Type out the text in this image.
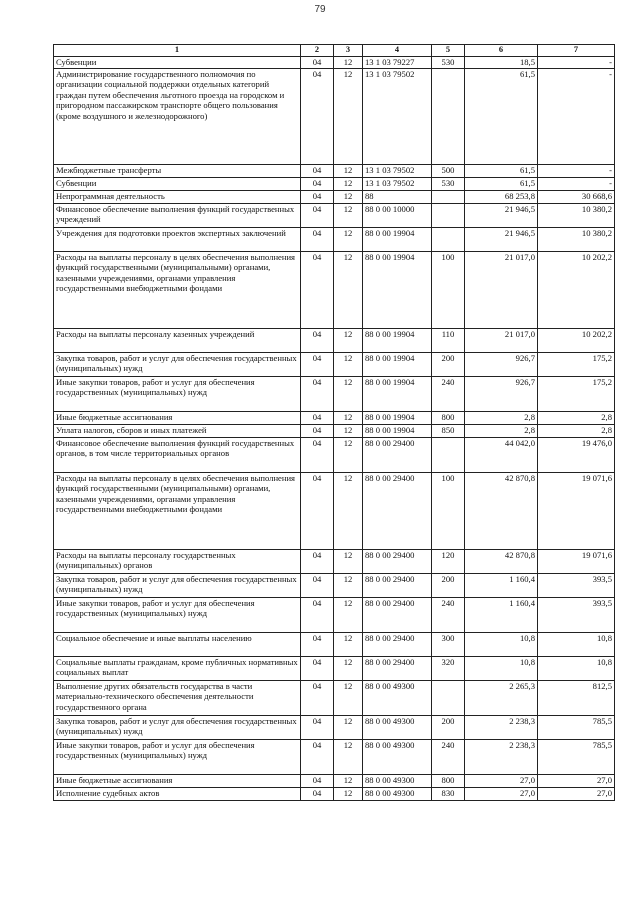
79
1	2	3	4	5	6	7
Субвенции	04	12	13 1 03 79227	530	18,5	-
Администрирование государственного полномочия по организации социальной поддержки отдельных категорий граждан путем обеспечения льготного проезда на городском и пригородном пассажирском транспорте общего пользования (кроме воздушного и железнодорожного)	04	12	13 1 03 79502		61,5	-
Межбюджетные трансферты	04	12	13 1 03 79502	500	61,5	-
Субвенции	04	12	13 1 03 79502	530	61,5	-
Непрограммная деятельность	04	12	88		68 253,8	30 668,6
Финансовое обеспечение выполнения функций государственных учреждений	04	12	88 0 00 10000		21 946,5	10 380,2
Учреждения для подготовки проектов экспертных заключений	04	12	88 0 00 19904		21 946,5	10 380,2
Расходы на выплаты персоналу в целях обеспечения выполнения функций государственными (муниципальными) органами, казенными учреждениями, органами управления государственными внебюджетными фондами	04	12	88 0 00 19904	100	21 017,0	10 202,2
Расходы на выплаты персоналу казенных учреждений	04	12	88 0 00 19904	110	21 017,0	10 202,2
Закупка товаров, работ и услуг для обеспечения государственных (муниципальных) нужд	04	12	88 0 00 19904	200	926,7	175,2
Иные закупки товаров, работ и услуг для обеспечения государственных (муниципальных) нужд	04	12	88 0 00 19904	240	926,7	175,2
Иные бюджетные ассигнования	04	12	88 0 00 19904	800	2,8	2,8
Уплата налогов, сборов и иных платежей	04	12	88 0 00 19904	850	2,8	2,8
Финансовое обеспечение выполнения функций государственных органов, в том числе территориальных органов	04	12	88 0 00 29400		44 042,0	19 476,0
Расходы на выплаты персоналу в целях обеспечения выполнения функций государственными (муниципальными) органами, казенными учреждениями, органами управления государственными внебюджетными фондами	04	12	88 0 00 29400	100	42 870,8	19 071,6
Расходы на выплаты персоналу государственных (муниципальных) органов	04	12	88 0 00 29400	120	42 870,8	19 071,6
Закупка товаров, работ и услуг для обеспечения государственных (муниципальных) нужд	04	12	88 0 00 29400	200	1 160,4	393,5
Иные закупки товаров, работ и услуг для обеспечения государственных (муниципальных) нужд	04	12	88 0 00 29400	240	1 160,4	393,5
Социальное обеспечение и иные выплаты населению	04	12	88 0 00 29400	300	10,8	10,8
Социальные выплаты гражданам, кроме публичных нормативных социальных выплат	04	12	88 0 00 29400	320	10,8	10,8
Выполнение других обязательств государства в части материально-технического обеспечения деятельности государственного органа	04	12	88 0 00 49300		2 265,3	812,5
Закупка товаров, работ и услуг для обеспечения государственных (муниципальных) нужд	04	12	88 0 00 49300	200	2 238,3	785,5
Иные закупки товаров, работ и услуг для обеспечения государственных (муниципальных) нужд	04	12	88 0 00 49300	240	2 238,3	785,5
Иные бюджетные ассигнования	04	12	88 0 00 49300	800	27,0	27,0
Исполнение судебных актов	04	12	88 0 00 49300	830	27,0	27,0
